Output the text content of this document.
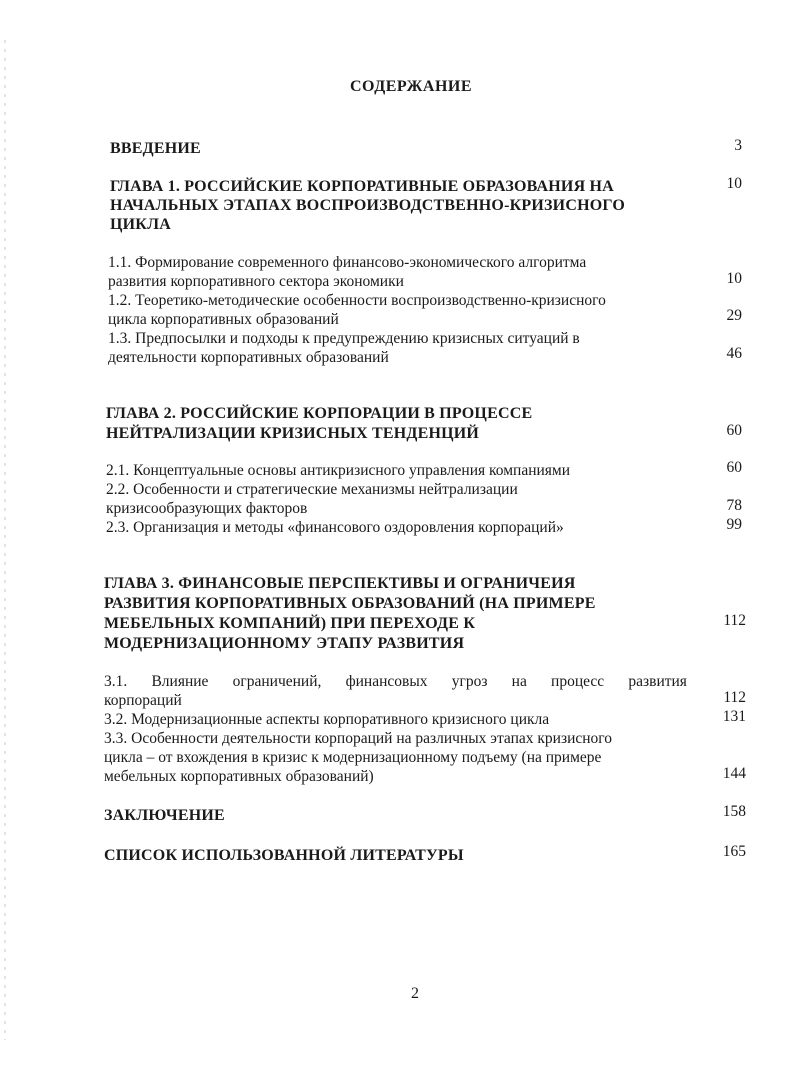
СОДЕРЖАНИЕ
ВВЕДЕНИЕ	3
ГЛАВА 1. РОССИЙСКИЕ КОРПОРАТИВНЫЕ ОБРАЗОВАНИЯ НА
НАЧАЛЬНЫХ ЭТАПАХ ВОСПРОИЗВОДСТВЕННО-КРИЗИСНОГО
ЦИКЛА
10
1.1. Формирование современного финансово-экономического алгоритма
развития корпоративного сектора экономики	10
1.2. Теоретико-методические особенности воспроизводственно-кризисного
цикла корпоративных образований	29
1.3. Предпосылки и подходы к предупреждению кризисных ситуаций в
деятельности корпоративных образований	46
ГЛАВА 2. РОССИЙСКИЕ КОРПОРАЦИИ В ПРОЦЕССЕ
НЕЙТРАЛИЗАЦИИ КРИЗИСНЫХ ТЕНДЕНЦИЙ	60
2.1. Концептуальные основы антикризисного управления компаниями	60
2.2. Особенности и стратегические механизмы нейтрализации
кризисообразующих факторов	78
2.3. Организация и методы «финансового оздоровления корпораций»	99
ГЛАВА 3. ФИНАНСОВЫЕ ПЕРСПЕКТИВЫ И ОГРАНИЧЕИЯ
РАЗВИТИЯ КОРПОРАТИВНЫХ ОБРАЗОВАНИЙ (НА ПРИМЕРЕ
МЕБЕЛЬНЫХ КОМПАНИЙ) ПРИ ПЕРЕХОДЕ К
МОДЕРНИЗАЦИОННОМУ ЭТАПУ РАЗВИТИЯ
112
3.1. Влияние ограничений, финансовых угроз на процесс развития
корпораций	112
3.2. Модернизационные аспекты корпоративного кризисного цикла	131
3.3. Особенности деятельности корпораций на различных этапах кризисного
цикла – от вхождения в кризис к модернизационному подъему (на примере
мебельных корпоративных образований)	144
ЗАКЛЮЧЕНИЕ	158
СПИСОК ИСПОЛЬЗОВАННОЙ ЛИТЕРАТУРЫ	165
2
